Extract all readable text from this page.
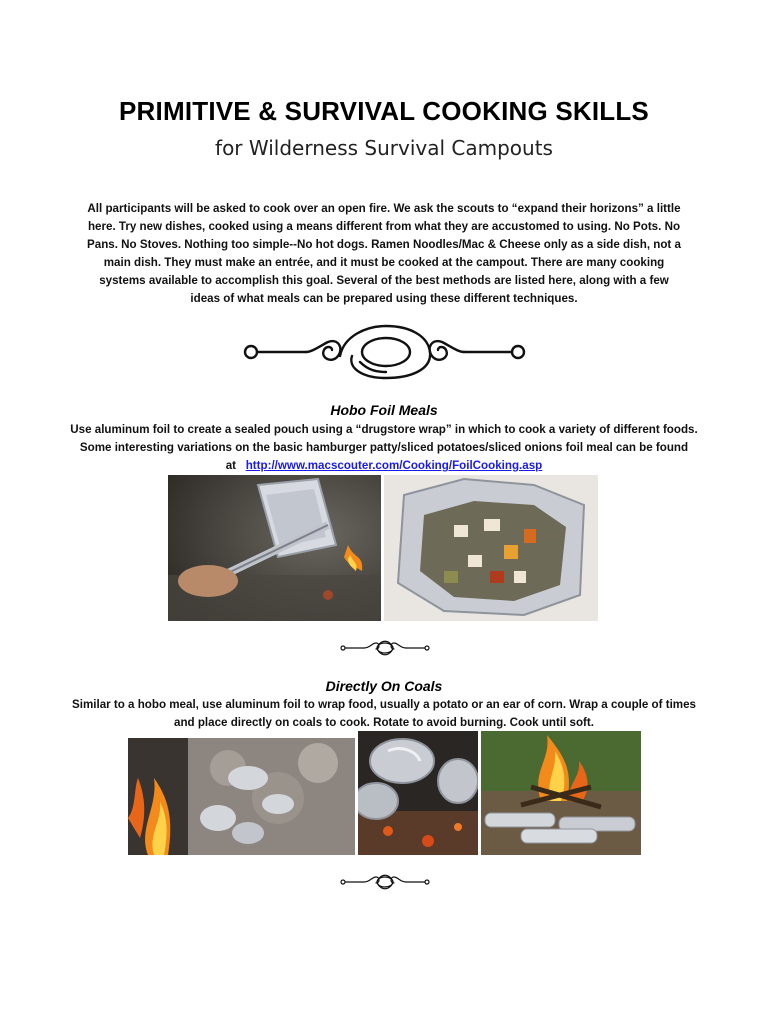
PRIMITIVE & SURVIVAL COOKING SKILLS
for Wilderness Survival Campouts
All participants will be asked to cook over an open fire. We ask the scouts to “expand their horizons” a little here. Try new dishes, cooked using a means different from what they are accustomed to using. No Pots. No Pans. No Stoves. Nothing too simple--No hot dogs. Ramen Noodles/Mac & Cheese only as a side dish, not a main dish. They must make an entrée, and it must be cooked at the campout. There are many cooking systems available to accomplish this goal. Several of the best methods are listed here, along with a few ideas of what meals can be prepared using these different techniques.
Hobo Foil Meals
Use aluminum foil to create a sealed pouch using a “drugstore wrap” in which to cook a variety of different foods. Some interesting variations on the basic hamburger patty/sliced potatoes/sliced onions foil meal can be found at http://www.macscouter.com/Cooking/FoilCooking.asp
Directly On Coals
Similar to a hobo meal, use aluminum foil to wrap food, usually a potato or an ear of corn. Wrap a couple of times and place directly on coals to cook. Rotate to avoid burning. Cook until soft.
